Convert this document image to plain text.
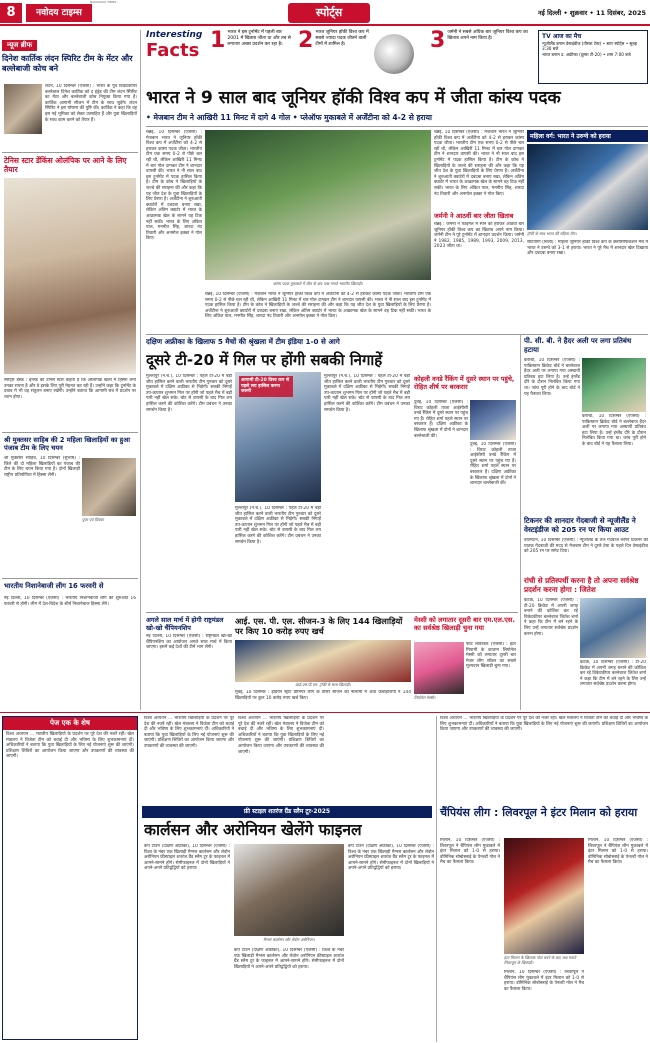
8	नवोदय टाइम्स
NAVODAYA TIMES
स्पोर्ट्स	नई दिल्ली • शुक्रवार • 11 दिसंबर, 2025
न्यूज ब्रीफ
दिनेश कार्तिक लंदन स्पिरिट टीम के मेंटर और बल्लेबाजी कोच बने
लंदन, 10 दिसम्बर (एजेंसी) : भारत के पूर्व विकेटकीपर बल्लेबाज दिनेश कार्तिक को द हंड्रेड की टीम लंदन स्पिरिट का मेंटर और बल्लेबाजी कोच नियुक्त किया गया है। कार्तिक आगामी सीजन में टीम के साथ जुड़ेंगे। लंदन स्पिरिट ने इस घोषणा की पुष्टि की। कार्तिक ने कहा कि वह इस नई भूमिका को लेकर उत्साहित हैं और युवा खिलाड़ियों के साथ काम करने को तैयार हैं।
टेनिस स्टार डेंकिंस ओलंपिक पर आने के लिए तैयार
स्पोर्ट्स डेस्क : इंग्लैंड की टेनिस स्टार कहती हैं कि ओलंपिक खेलों में हिस्सा लेना उनका सपना है और वे इसके लिए पूरी मेहनत कर रही हैं। उन्होंने कहा कि टूर्नामेंट के दबाव में भी वह संतुलन बनाए रखेंगी। उन्होंने बताया कि आगामी सत्र में प्रदर्शन पर ध्यान होगा।
श्री मुक्तसर साहिब की 2 महिला खिलाड़ियों का हुआ पंजाब टीम के लिए चयन
श्री मुक्तसर साहिब, 10 दिसम्बर (सुभाष) : जिले की दो महिला खिलाड़ियों का पंजाब की टीम के लिए चयन किया गया है। दोनों खिलाड़ी राष्ट्रीय प्रतियोगिता में हिस्सा लेंगी।
पूजा एवं प्रियंका
भारतीय निशानेबाजी लीग 16 फरवरी से
नई दिल्ली, 10 दिसम्बर (एजेंसी) : भारतीय निशानेबाजी लीग की शुरुआत 16 फरवरी से होगी। लीग में देश-विदेश के शीर्ष निशानेबाज हिस्सा लेंगे।
Interesting
Facts 1 भारत ने इस टूर्नामेंट में पहली बार 2001 में खिताब जीता था और तब से लगातार अच्छा प्रदर्शन कर रहा है। 2 भारत जूनियर हॉकी विश्व कप में सबसे ज्यादा पदक जीतने वाली टीमों में शामिल है।	3 जर्मनी ने सबसे अधिक बार जूनियर विश्व कप का खिताब अपने नाम किया है।	TV आज का मैच
न्यूजीलैंड बनाम वेस्टइंडीज (तीसरा टेस्ट) • स्टार स्पोर्ट्स • सुबह 3:30 बजे
भारत बनाम द. अफ्रीका (दूसरा टी-20) • शाम 7:00 बजे
भारत ने 9 साल बाद जूनियर हॉकी विश्व कप में जीता कांस्य पदक
• मेजबान टीम ने आखिरी 11 मिनट में दागे 4 गोल • प्लेऑफ मुकाबले में अर्जेंटीना को 4-2 से हराया
चेन्नई, 10 दिसम्बर (एजेंसी) : मेजबान भारत ने जूनियर हॉकी विश्व कप में अर्जेंटीना को 4-2 से हराकर कांस्य पदक जीता। भारतीय टीम एक समय 0-2 से पीछे चल रही थी, लेकिन आखिरी 11 मिनट में चार गोल दागकर टीम ने शानदार वापसी की। भारत ने नौ साल बाद इस टूर्नामेंट में पदक हासिल किया है। टीम के कोच ने खिलाड़ियों के जज्बे की सराहना की और कहा कि यह जीत देश के युवा खिलाड़ियों के लिए प्रेरणा है। अर्जेंटीना ने शुरुआती क्वार्टरों में दबदबा बनाए रखा, लेकिन अंतिम क्वार्टर में भारत के आक्रामक खेल के सामने वह टिक नहीं सकी। भारत के लिए अंकित पाल, मनमीत सिंह, शारदा नंद तिवारी और अनमोल इक्का ने गोल किए।
कांस्य पदक मुकाबले में जीत के बाद जश्न मनाते भारतीय खिलाड़ी।
चेन्नई, 10 दिसम्बर (एजेंसी) : मेजबान भारत ने जूनियर हॉकी विश्व कप में अर्जेंटीना को 4-2 से हराकर कांस्य पदक जीता। भारतीय टीम एक समय 0-2 से पीछे चल रही थी, लेकिन आखिरी 11 मिनट में चार गोल दागकर टीम ने शानदार वापसी की। भारत ने नौ साल बाद इस टूर्नामेंट में पदक हासिल किया है। टीम के कोच ने खिलाड़ियों के जज्बे की सराहना की और कहा कि यह जीत देश के युवा खिलाड़ियों के लिए प्रेरणा है। अर्जेंटीना ने शुरुआती क्वार्टरों में दबदबा बनाए रखा, लेकिन अंतिम क्वार्टर में भारत के आक्रामक खेल के सामने वह टिक नहीं सकी। भारत के लिए अंकित पाल, मनमीत सिंह, शारदा नंद तिवारी और अनमोल इक्का ने गोल किए।
चेन्नई, 10 दिसम्बर (एजेंसी) : मेजबान भारत ने जूनियर हॉकी विश्व कप में अर्जेंटीना को 4-2 से हराकर कांस्य पदक जीता। भारतीय टीम एक समय 0-2 से पीछे चल रही थी, लेकिन आखिरी 11 मिनट में चार गोल दागकर टीम ने शानदार वापसी की। भारत ने नौ साल बाद इस टूर्नामेंट में पदक हासिल किया है। टीम के कोच ने खिलाड़ियों के जज्बे की सराहना की और कहा कि यह जीत देश के युवा खिलाड़ियों के लिए प्रेरणा है। अर्जेंटीना ने शुरुआती क्वार्टरों में दबदबा बनाए रखा, लेकिन अंतिम क्वार्टर में भारत के आक्रामक खेल के सामने वह टिक नहीं सकी। भारत के लिए अंकित पाल, मनमीत सिंह, शारदा नंद तिवारी और अनमोल इक्का ने गोल किए।
जर्मनी ने आठवीं बार जीता खिताब
चेन्नई : जर्मनी ने फाइनल में स्पेन को हराकर आठवीं बार जूनियर हॉकी विश्व कप का खिताब अपने नाम किया। जर्मनी टीम ने पूरे टूर्नामेंट में शानदार प्रदर्शन किया। जर्मनी ने 1982, 1985, 1989, 1993, 2009, 2013, 2023 जीता था।
महिला वर्ग: भारत ने उरुग्वे को हराया
ट्रॉफी के साथ भारत की महिला टीम।
सैंटियागो (चिली) : महिला जूनियर हॉकी विश्व कप के क्लासिफिकेशन मैच में भारत ने उरुग्वे को 3-1 से हराया। भारत ने पूरे मैच में शानदार खेल दिखाया और दबदबा बनाए रखा।
दक्षिण अफ्रीका के खिलाफ 5 मैचों की श्रृंखला में टीम इंडिया 1-0 से आगे
दूसरे टी-20 में गिल पर होंगी सबकी निगाहें
मुल्लांपुर (न.च.), 10 दिसम्बर : पहले टी-20 में बड़ी जीत हासिल करने वाली भारतीय टीम गुरुवार को दूसरे मुकाबले में दक्षिण अफ्रीका से भिड़ेगी। सबकी निगाहें उप-कप्तान शुभमन गिल पर होंगी जो पहले मैच में बड़ी पारी नहीं खेल सके। चोट से वापसी के बाद गिल लय हासिल करने की कोशिश करेंगे। टीम प्रबंधन ने उनका समर्थन किया है।
आगामी टी-20 विश्व कप से पहले लय हासिल करना जरूरी
मुल्लांपुर (न.च.), 10 दिसम्बर : पहले टी-20 में बड़ी जीत हासिल करने वाली भारतीय टीम गुरुवार को दूसरे मुकाबले में दक्षिण अफ्रीका से भिड़ेगी। सबकी निगाहें उप-कप्तान शुभमन गिल पर होंगी जो पहले मैच में बड़ी पारी नहीं खेल सके। चोट से वापसी के बाद गिल लय हासिल करने की कोशिश करेंगे। टीम प्रबंधन ने उनका समर्थन किया है।
मुल्लांपुर (न.च.), 10 दिसम्बर : पहले टी-20 में बड़ी जीत हासिल करने वाली भारतीय टीम गुरुवार को दूसरे मुकाबले में दक्षिण अफ्रीका से भिड़ेगी। सबकी निगाहें उप-कप्तान शुभमन गिल पर होंगी जो पहले मैच में बड़ी पारी नहीं खेल सके। चोट से वापसी के बाद गिल लय हासिल करने की कोशिश करेंगे। टीम प्रबंधन ने उनका समर्थन किया है।
कोहली वनडे रैंकिंग में दूसरे स्थान पर पहुंचे, रोहित शीर्ष पर बरकरार
दुबई, 10 दिसम्बर (एजेंसी) : विराट कोहली ताजा आईसीसी वनडे रैंकिंग में दूसरे स्थान पर पहुंच गए हैं। रोहित शर्मा पहले स्थान पर बरकरार हैं। दक्षिण अफ्रीका के खिलाफ श्रृंखला में दोनों ने शानदार बल्लेबाजी की।
दुबई, 10 दिसम्बर (एजेंसी) : विराट कोहली ताजा आईसीसी वनडे रैंकिंग में दूसरे स्थान पर पहुंच गए हैं। रोहित शर्मा पहले स्थान पर बरकरार हैं। दक्षिण अफ्रीका के खिलाफ श्रृंखला में दोनों ने शानदार बल्लेबाजी की।
पी. सी. बी. ने हैदर अली पर लगा प्रतिबंध हटाया
कराची, 10 दिसम्बर (एजेंसी) : पाकिस्तान क्रिकेट बोर्ड ने बल्लेबाज हैदर अली पर लगाया गया अस्थायी प्रतिबंध हटा लिया है। उन्हें इंग्लैंड दौरे के दौरान निलंबित किया गया था। जांच पूरी होने के बाद बोर्ड ने यह फैसला लिया।
कराची, 10 दिसम्बर (एजेंसी) : पाकिस्तान क्रिकेट बोर्ड ने बल्लेबाज हैदर अली पर लगाया गया अस्थायी प्रतिबंध हटा लिया है। उन्हें इंग्लैंड दौरे के दौरान निलंबित किया गया था। जांच पूरी होने के बाद बोर्ड ने यह फैसला लिया।
टिकनर की शानदार गेंदबाजी से न्यूजीलैंड ने वेस्टइंडीज को 205 रन पर किया आउट
वेलिंगटन, 10 दिसम्बर (एजेंसी) : न्यूजीलैंड के तेज गेंदबाज ब्लेयर टिकनर की घातक गेंदबाजी की मदद से मेजबान टीम ने दूसरे टेस्ट के पहले दिन वेस्टइंडीज को 205 रन पर समेट दिया।
रांची से प्रतिस्पर्धी करना है तो अपना सर्वश्रेष्ठ प्रदर्शन करना होगा : जितेश
कटक, 10 दिसम्बर (एजेंसी) : टी-20 क्रिकेट में अपनी जगह बनाने की कोशिश कर रहे विकेटकीपर बल्लेबाज जितेश शर्मा ने कहा कि टीम में बने रहने के लिए उन्हें लगातार सर्वश्रेष्ठ प्रदर्शन करना होगा।
कटक, 10 दिसम्बर (एजेंसी) : टी-20 क्रिकेट में अपनी जगह बनाने की कोशिश कर रहे विकेटकीपर बल्लेबाज जितेश शर्मा ने कहा कि टीम में बने रहने के लिए उन्हें लगातार सर्वश्रेष्ठ प्रदर्शन करना होगा।
अगले साल मार्च में होगी राष्ट्रमंडल खो-खो चैंपियनशिप
नई दिल्ली, 10 दिसम्बर (एजेंसी) : राष्ट्रमंडल खो-खो चैंपियनशिप का आयोजन अगले साल मार्च में किया जाएगा। इसमें कई देशों की टीमें भाग लेंगी।
आई. एस. पी. एल. सीजन-3 के लिए 144 खिलाड़ियों पर किए 10 करोड़ रुपए खर्च
आई.एस.पी.एल. ट्रॉफी के साथ खिलाड़ी।
मुंबई, 10 दिसम्बर : इंडियन स्ट्रीट प्रीमियर लीग के तीसरे सीजन की नीलामी में आठ फ्रेंचाइजियों ने 144 खिलाड़ियों पर कुल 10 करोड़ रुपए खर्च किए।
मेस्सी को लगातार दूसरी बार एम.एल.एस. का सर्वश्रेष्ठ खिलाड़ी चुना गया
लियोनेल मेस्सी।
फोर्ट लॉडरडेल (एजेंसी) : इंटर मियामी के कप्तान लियोनेल मेस्सी को लगातार दूसरी बार मेजर लीग सॉकर का सबसे मूल्यवान खिलाड़ी चुना गया।
पेज एक के शेष
विश्व अध्ययन ... भारतीय खिलाड़ियों के प्रदर्शन पर पूरे देश की नजरें रहीं। खेल मंत्रालय ने विजेता टीम को बधाई दी और भविष्य के लिए शुभकामनाएं दीं। अधिकारियों ने बताया कि युवा खिलाड़ियों के लिए नई योजनाएं शुरू की जाएंगी। प्रशिक्षण शिविरों का आयोजन किया जाएगा और उपकरणों की व्यवस्था की जाएगी।
विश्व अध्ययन ... भारतीय खिलाड़ियों के प्रदर्शन पर पूरे देश की नजरें रहीं। खेल मंत्रालय ने विजेता टीम को बधाई दी और भविष्य के लिए शुभकामनाएं दीं। अधिकारियों ने बताया कि युवा खिलाड़ियों के लिए नई योजनाएं शुरू की जाएंगी। प्रशिक्षण शिविरों का आयोजन किया जाएगा और उपकरणों की व्यवस्था की जाएगी।
विश्व अध्ययन ... भारतीय खिलाड़ियों के प्रदर्शन पर पूरे देश की नजरें रहीं। खेल मंत्रालय ने विजेता टीम को बधाई दी और भविष्य के लिए शुभकामनाएं दीं। अधिकारियों ने बताया कि युवा खिलाड़ियों के लिए नई योजनाएं शुरू की जाएंगी। प्रशिक्षण शिविरों का आयोजन किया जाएगा और उपकरणों की व्यवस्था की जाएगी।
फ्री स्टाइल शतरंज ग्रैंड स्लैम टूर-2025
कार्लसन और अरोनियन खेलेंगे फाइनल
केप टाउन (दक्षिण अफ्रीका), 10 दिसम्बर (एजेंसी) : विश्व के नंबर एक खिलाड़ी मैग्नस कार्लसन और लेवोन अरोनियन फ्रीस्टाइल शतरंज ग्रैंड स्लैम टूर के फाइनल में आमने-सामने होंगे। सेमीफाइनल में दोनों खिलाड़ियों ने अपने-अपने प्रतिद्वंद्वियों को हराया।
मैग्नस कार्लसन और लेवोन अरोनियन।
केप टाउन (दक्षिण अफ्रीका), 10 दिसम्बर (एजेंसी) : विश्व के नंबर एक खिलाड़ी मैग्नस कार्लसन और लेवोन अरोनियन फ्रीस्टाइल शतरंज ग्रैंड स्लैम टूर के फाइनल में आमने-सामने होंगे। सेमीफाइनल में दोनों खिलाड़ियों ने अपने-अपने प्रतिद्वंद्वियों को हराया।
केप टाउन (दक्षिण अफ्रीका), 10 दिसम्बर (एजेंसी) : विश्व के नंबर एक खिलाड़ी मैग्नस कार्लसन और लेवोन अरोनियन फ्रीस्टाइल शतरंज ग्रैंड स्लैम टूर के फाइनल में आमने-सामने होंगे। सेमीफाइनल में दोनों खिलाड़ियों ने अपने-अपने प्रतिद्वंद्वियों को हराया।
विश्व अध्ययन ... भारतीय खिलाड़ियों के प्रदर्शन पर पूरे देश की नजरें रहीं। खेल मंत्रालय ने विजेता टीम को बधाई दी और भविष्य के लिए शुभकामनाएं दीं। अधिकारियों ने बताया कि युवा खिलाड़ियों के लिए नई योजनाएं शुरू की जाएंगी। प्रशिक्षण शिविरों का आयोजन किया जाएगा और उपकरणों की व्यवस्था की जाएगी।
चैंपियंस लीग : लिवरपूल ने इंटर मिलान को हराया
मिलान, 10 दिसम्बर (एजेंसी) : लिवरपूल ने चैंपियंस लीग मुकाबले में इंटर मिलान को 1-0 से हराया। डोमिनिक सोबोस्लाई के पेनल्टी गोल ने मैच का फैसला किया।
इंटर मिलान के खिलाफ गोल करने के बाद जश्न मनाते लिवरपूल के खिलाड़ी।
मिलान, 10 दिसम्बर (एजेंसी) : लिवरपूल ने चैंपियंस लीग मुकाबले में इंटर मिलान को 1-0 से हराया। डोमिनिक सोबोस्लाई के पेनल्टी गोल ने मैच का फैसला किया।
मिलान, 10 दिसम्बर (एजेंसी) : लिवरपूल ने चैंपियंस लीग मुकाबले में इंटर मिलान को 1-0 से हराया। डोमिनिक सोबोस्लाई के पेनल्टी गोल ने मैच का फैसला किया।
